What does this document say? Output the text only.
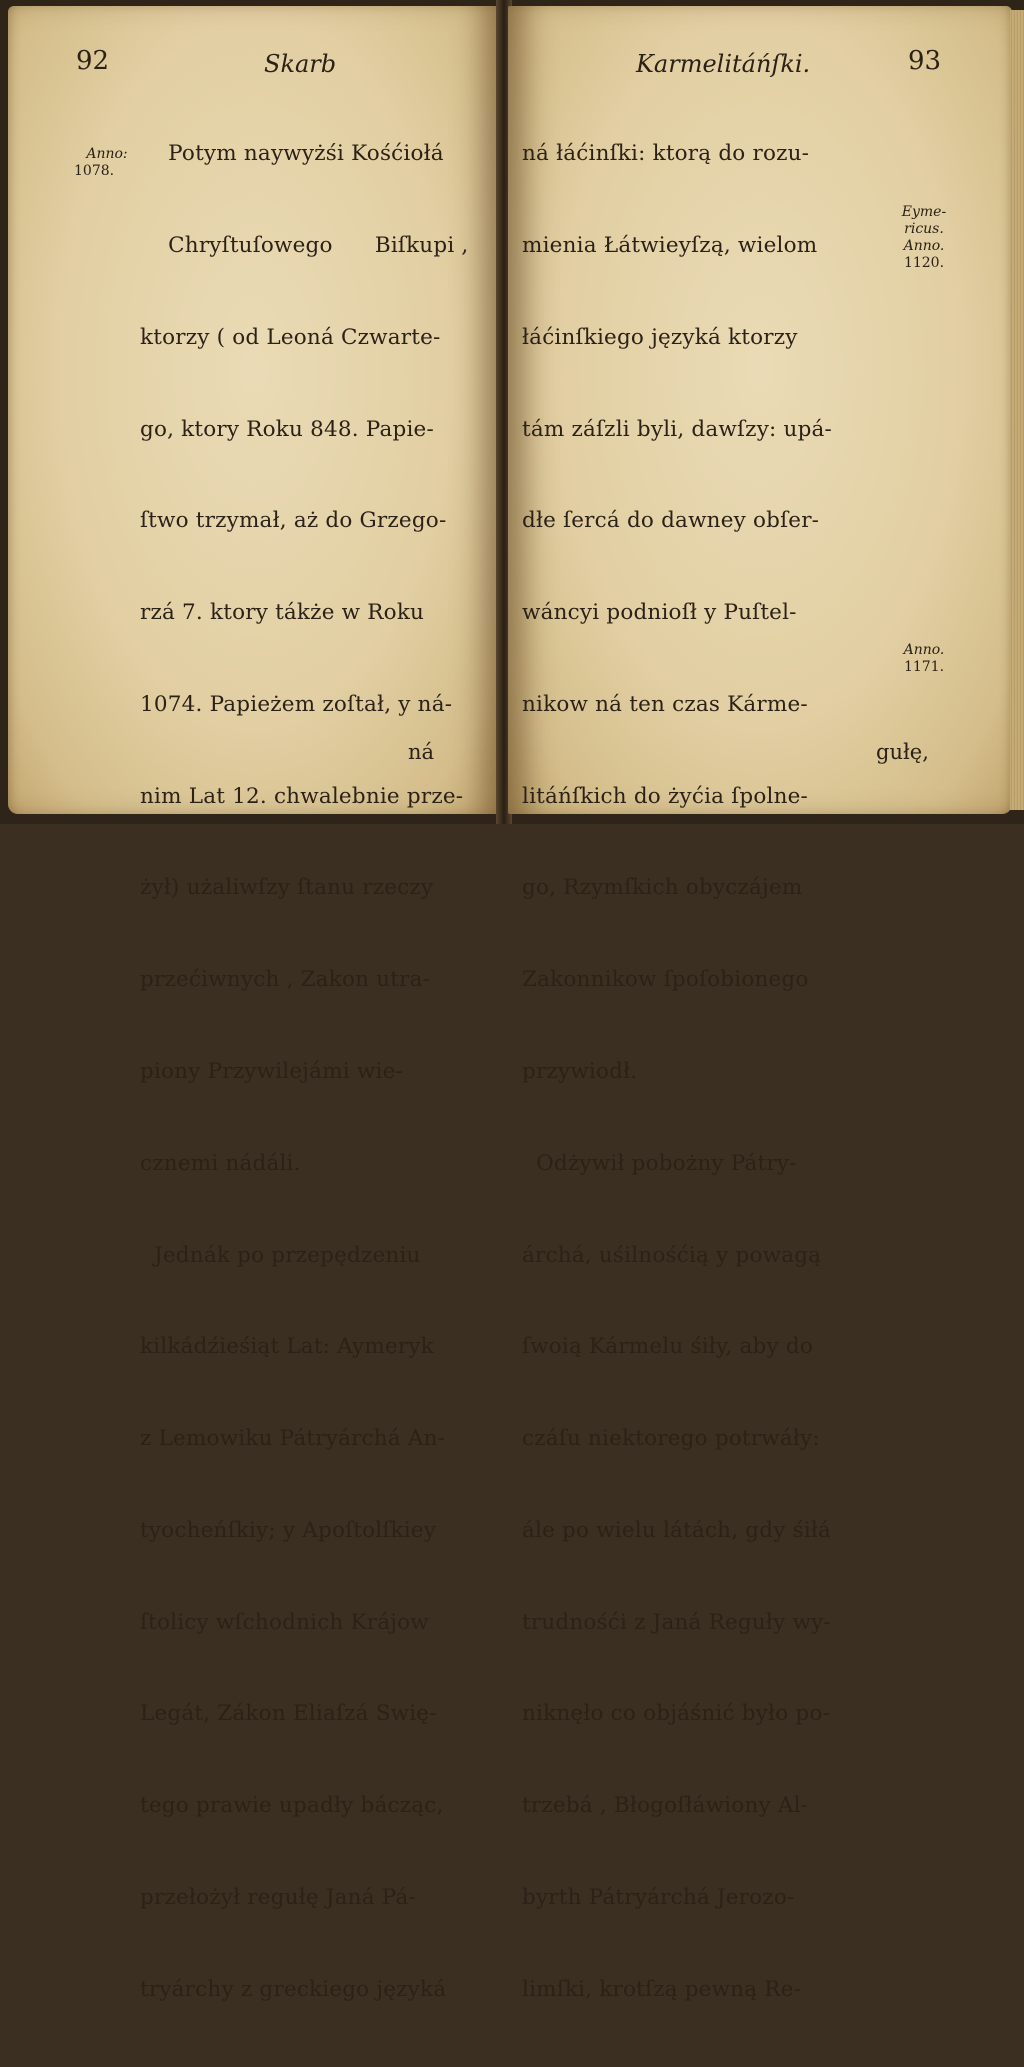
92	Skarb
Anno:
1078.

Potym naywyżśi Kośćiołá

Chryſtuſowego      Biſkupi ,

ktorzy ( od Leoná Czwarte-

go, ktory Roku 848. Papie-

ſtwo trzymał, aż do Grzego-

rzá 7. ktory tákże w Roku

1074. Papieżem zoſtał, y ná-

nim Lat 12. chwalebnie prze-

żył) użaliwſzy ſtanu rzeczy

przećiwnych , Zakon utra-

piony Przywilejámi wie-

cznemi nádáli.

Jednák po przepędzeniu

kilkádźieśiąt Lat: Aymeryk

z Lemowiku Pátryárchá An-

tyocheńſkiy; y Apoſtolſkiey

ſtolicy wſchodnich Krájow

Legát, Zákon Eliaſzá Swię-

tego prawie upadły bácząc,

przełożył regułę Janá Pá-

tryárchy z greckiego języká

ná
Karmelitáńſki.	93

ná łáćinſki: ktorą do rozu-

mienia Łátwieyſzą, wielom

łáćinſkiego języká ktorzy

tám záſzli byli, dawſzy: upá-

dłe ſercá do dawney obſer-

wáncyi podnioſł y Puſtel-

nikow ná ten czas Kárme-

litáńſkich do żyćia ſpolne-

go, Rzymſkich obyczájem

Zakonnikow ſpoſobionego

przywiodł.

Odżywił pobożny Pátry-

árchá, uśilnośćią y powagą

ſwoią Kármelu śiły, aby do

czáſu niektorego potrwáły:

ále po wielu látách, gdy śiłá

trudnośći z Janá Reguły wy-

niknęło co objáśnić było po-

trzebá , Błogoſłáwiony Al-

byrth Pátryárchá Jerozo-

limſki, krotſzą pewną Re-

Eyme-
ricus.
Anno.
1120.
Anno.
1171.
gułę,
